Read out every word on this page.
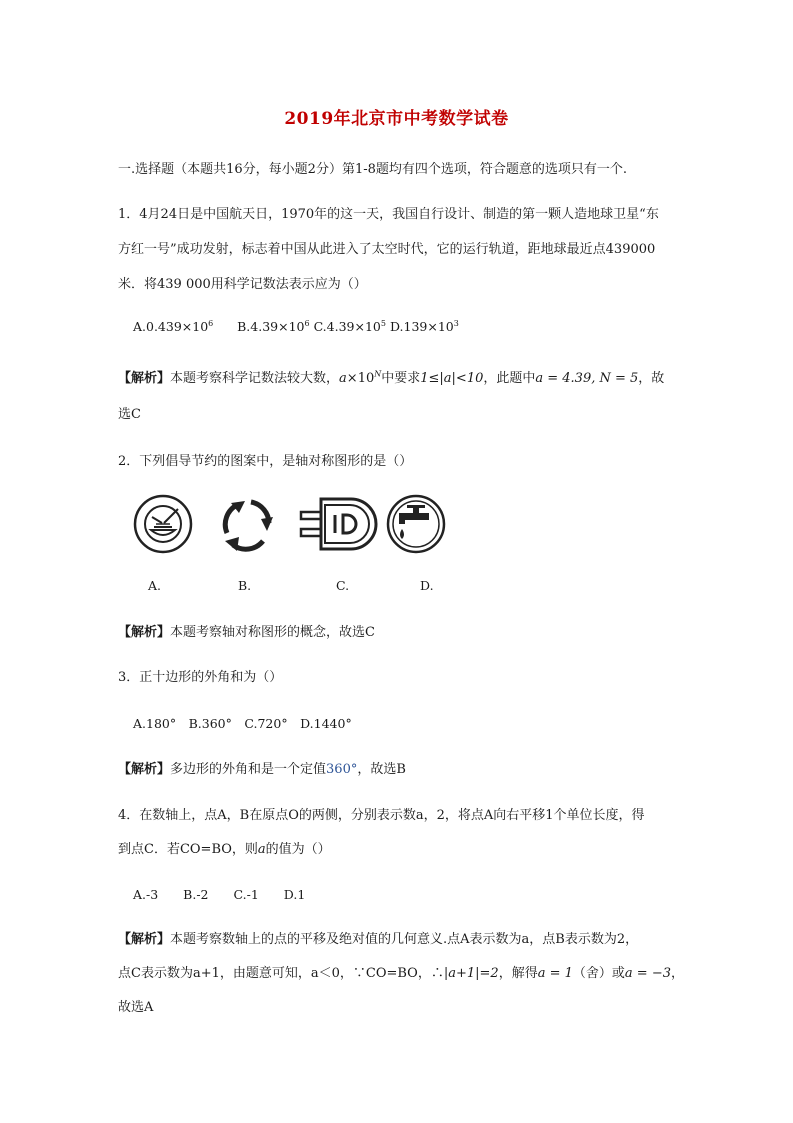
2019年北京市中考数学试卷
一.选择题（本题共16分，每小题2分）第1-8题均有四个选项，符合题意的选项只有一个.
1．4月24日是中国航天日，1970年的这一天，我国自行设计、制造的第一颗人造地球卫星“东
方红一号”成功发射，标志着中国从此进入了太空时代，它的运行轨道，距地球最近点439000
米．将439 000用科学记数法表示应为（）
$A.0.439\times 10^6$ $B.4.39\times 10^6$ $C.4.39\times 10^5$ $D.139\times 10^3$
【解析】本题考察科学记数法较大数，$a\times 10^N$中要求1≤|a|<10，此题中a = 4.39, N = 5，故
选C
2．下列倡导节约的图案中，是轴对称图形的是（）
A.	B.	C.	D.
【解析】本题考察轴对称图形的概念，故选C
3．正十边形的外角和为（）
A.180°　B.360°　C.720°　D.1440°
【解析】多边形的外角和是一个定值360°，故选B
4．在数轴上，点A，B在原点O的两侧，分别表示数a，2，将点A向右平移1个单位长度，得
到点C．若CO=BO，则a的值为（）
A.-3　　B.-2　　C.-1　　D.1
【解析】本题考察数轴上的点的平移及绝对值的几何意义.点A表示数为a，点B表示数为2，
点C表示数为a+1，由题意可知，a＜0，∵CO=BO，∴|a+1|=2，解得a = 1（舍）或a = −3，
故选A
